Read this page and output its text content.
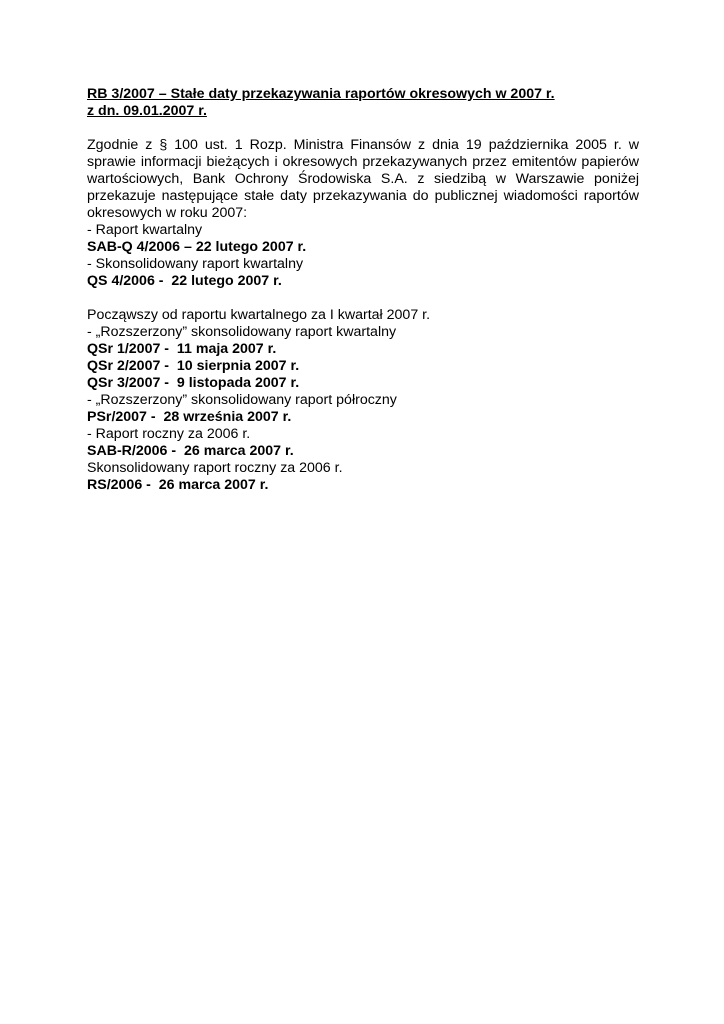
RB 3/2007 – Stałe daty przekazywania raportów okresowych w 2007 r.

z dn. 09.01.2007 r.

Zgodnie z § 100 ust. 1 Rozp. Ministra Finansów z dnia 19 października 2005 r. w sprawie informacji bieżących i okresowych przekazywanych przez emitentów papierów wartościowych, Bank Ochrony Środowiska S.A. z siedzibą w Warszawie poniżej przekazuje następujące stałe daty przekazywania do publicznej wiadomości raportów okresowych w roku 2007:

- Raport kwartalny

SAB-Q 4/2006 – 22 lutego 2007 r.

- Skonsolidowany raport kwartalny

QS 4/2006 -  22 lutego 2007 r.

Począwszy od raportu kwartalnego za I kwartał 2007 r.

- „Rozszerzony” skonsolidowany raport kwartalny

QSr 1/2007 -  11 maja 2007 r.

QSr 2/2007 -  10 sierpnia 2007 r.

QSr 3/2007 -  9 listopada 2007 r.

- „Rozszerzony” skonsolidowany raport półroczny

PSr/2007 -  28 września 2007 r.

- Raport roczny za 2006 r.

SAB-R/2006 -  26 marca 2007 r.

Skonsolidowany raport roczny za 2006 r.

RS/2006 -  26 marca 2007 r.
